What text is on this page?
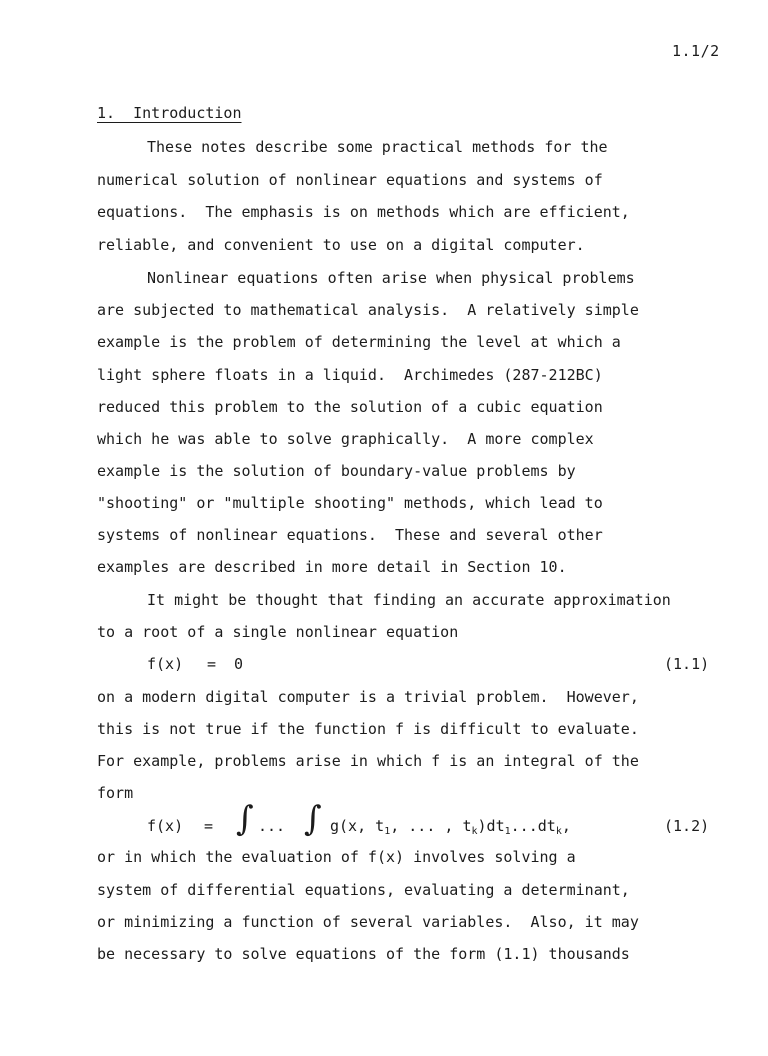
1.1/2
1.  Introduction
These notes describe some practical methods for the
numerical solution of nonlinear equations and systems of
equations.  The emphasis is on methods which are efficient,
reliable, and convenient to use on a digital computer.
Nonlinear equations often arise when physical problems
are subjected to mathematical analysis.  A relatively simple
example is the problem of determining the level at which a
light sphere floats in a liquid.  Archimedes (287-212BC)
reduced this problem to the solution of a cubic equation
which he was able to solve graphically.  A more complex
example is the solution of boundary-value problems by
"shooting" or "multiple shooting" methods, which lead to
systems of nonlinear equations.  These and several other
examples are described in more detail in Section 10.
It might be thought that finding an accurate approximation
to a root of a single nonlinear equation
f(x) = 0	(1.1)
on a modern digital computer is a trivial problem.  However,
this is not true if the function f is difficult to evaluate.
For example, problems arise in which f is an integral of the
form
f(x) = ∫ ... ∫ g(x, $t_1$, ... , $t_k)dt_1...dt_k$,	(1.2)
or in which the evaluation of f(x) involves solving a
system of differential equations, evaluating a determinant,
or minimizing a function of several variables.  Also, it may
be necessary to solve equations of the form (1.1) thousands
